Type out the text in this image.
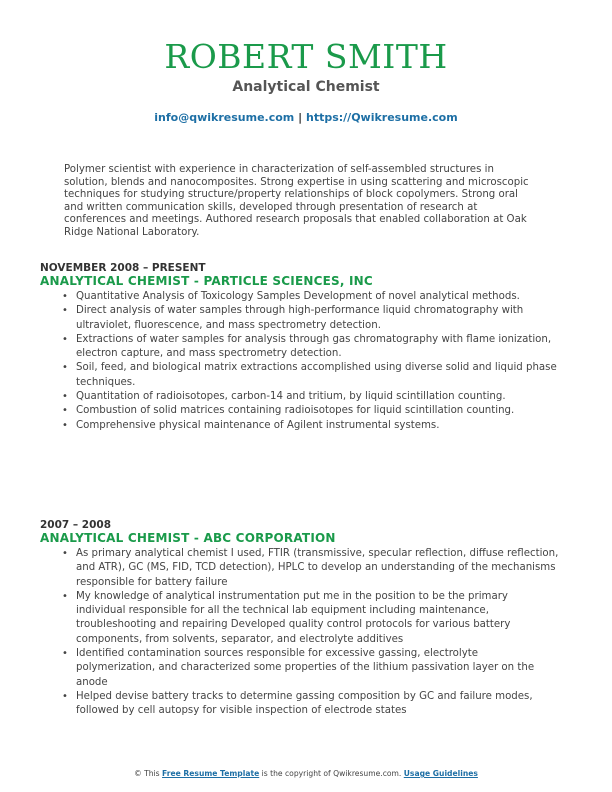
ROBERT SMITH
Analytical Chemist
info@qwikresume.com | https://Qwikresume.com
Polymer scientist with experience in characterization of self-assembled structures in solution, blends and nanocomposites. Strong expertise in using scattering and microscopic techniques for studying structure/property relationships of block copolymers. Strong oral and written communication skills, developed through presentation of research at conferences and meetings. Authored research proposals that enabled collaboration at Oak Ridge National Laboratory.
NOVEMBER 2008 – PRESENT
ANALYTICAL CHEMIST - PARTICLE SCIENCES, INC
• Quantitative Analysis of Toxicology Samples Development of novel analytical methods.
• Direct analysis of water samples through high-performance liquid chromatography with ultraviolet, fluorescence, and mass spectrometry detection.
• Extractions of water samples for analysis through gas chromatography with flame ionization, electron capture, and mass spectrometry detection.
• Soil, feed, and biological matrix extractions accomplished using diverse solid and liquid phase techniques.
• Quantitation of radioisotopes, carbon-14 and tritium, by liquid scintillation counting.
• Combustion of solid matrices containing radioisotopes for liquid scintillation counting.
• Comprehensive physical maintenance of Agilent instrumental systems.
2007 – 2008
ANALYTICAL CHEMIST - ABC CORPORATION
• As primary analytical chemist I used, FTIR (transmissive, specular reflection, diffuse reflection, and ATR), GC (MS, FID, TCD detection), HPLC to develop an understanding of the mechanisms responsible for battery failure
• My knowledge of analytical instrumentation put me in the position to be the primary individual responsible for all the technical lab equipment including maintenance, troubleshooting and repairing Developed quality control protocols for various battery components, from solvents, separator, and electrolyte additives
• Identified contamination sources responsible for excessive gassing, electrolyte polymerization, and characterized some properties of the lithium passivation layer on the anode
• Helped devise battery tracks to determine gassing composition by GC and failure modes, followed by cell autopsy for visible inspection of electrode states
© This Free Resume Template is the copyright of Qwikresume.com. Usage Guidelines
